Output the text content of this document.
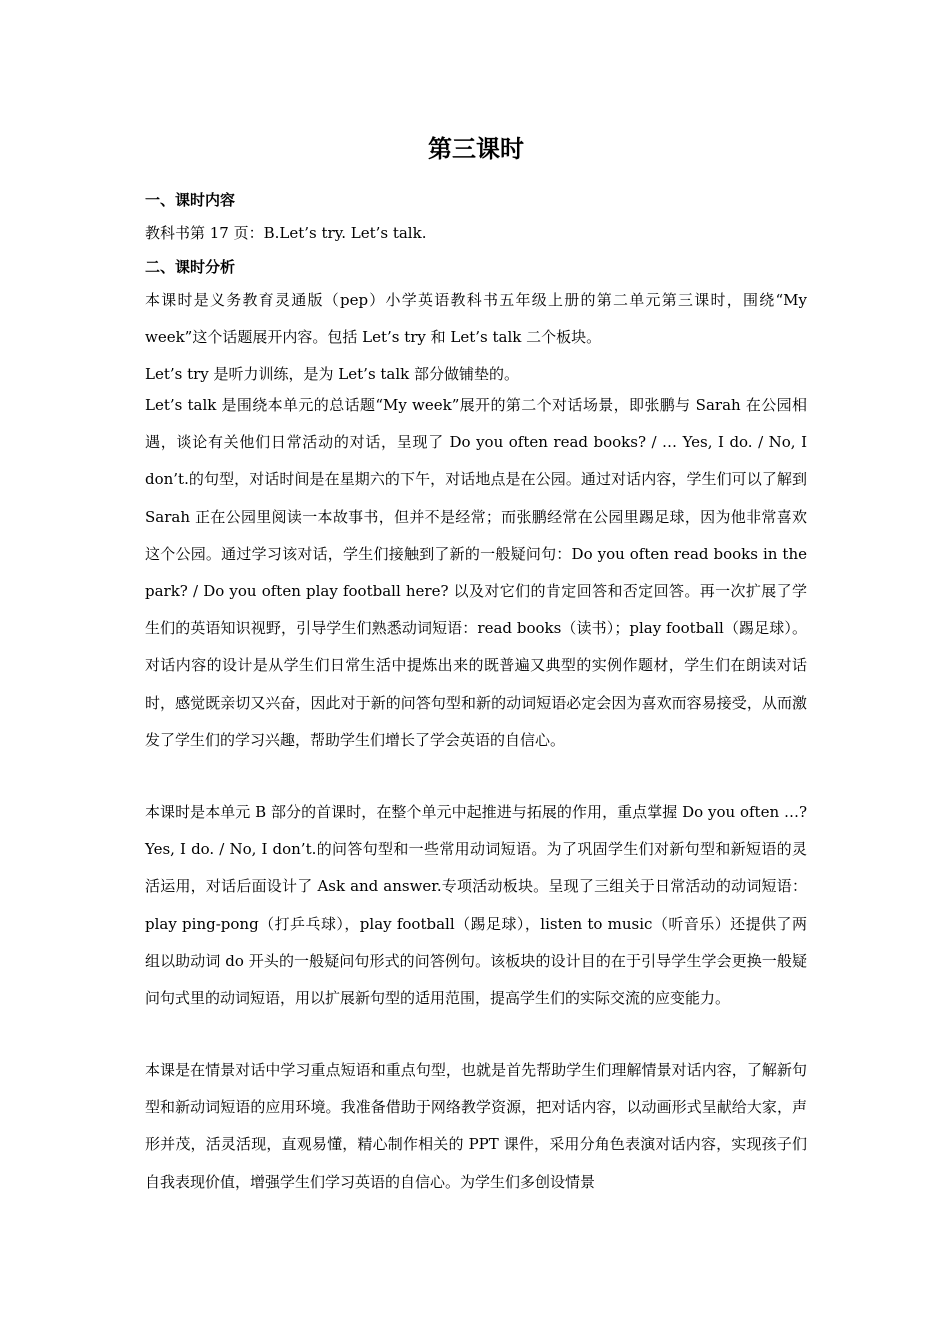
第三课时
一、课时内容

教科书第 17 页：B.Let’s try. Let’s talk.

二、课时分析

本课时是义务教育灵通版（pep）小学英语教科书五年级上册的第二单元第三课时，围绕“My week”这个话题展开内容。包括 Let’s try 和 Let’s talk 二个板块。

Let’s try 是听力训练，是为 Let’s talk 部分做铺垫的。

Let’s talk 是围绕本单元的总话题“My week”展开的第二个对话场景，即张鹏与 Sarah 在公园相遇，谈论有关他们日常活动的对话，呈现了 Do you often read books? / … Yes, I do. / No, I don’t.的句型，对话时间是在星期六的下午，对话地点是在公园。通过对话内容，学生们可以了解到 Sarah 正在公园里阅读一本故事书，但并不是经常；而张鹏经常在公园里踢足球，因为他非常喜欢这个公园。通过学习该对话，学生们接触到了新的一般疑问句：Do you often read books in the park? / Do you often play football here? 以及对它们的肯定回答和否定回答。再一次扩展了学生们的英语知识视野，引导学生们熟悉动词短语：read books（读书）；play football（踢足球）。对话内容的设计是从学生们日常生活中提炼出来的既普遍又典型的实例作题材，学生们在朗读对话时，感觉既亲切又兴奋，因此对于新的问答句型和新的动词短语必定会因为喜欢而容易接受，从而激发了学生们的学习兴趣，帮助学生们增长了学会英语的自信心。

本课时是本单元 B 部分的首课时，在整个单元中起推进与拓展的作用，重点掌握 Do you often …? Yes, I do. / No, I don’t.的问答句型和一些常用动词短语。为了巩固学生们对新句型和新短语的灵活运用，对话后面设计了 Ask and answer.专项活动板块。呈现了三组关于日常活动的动词短语：play ping-pong（打乒乓球），play football（踢足球），listen to music（听音乐）还提供了两组以助动词 do 开头的一般疑问句形式的问答例句。该板块的设计目的在于引导学生学会更换一般疑问句式里的动词短语，用以扩展新句型的适用范围，提高学生们的实际交流的应变能力。

本课是在情景对话中学习重点短语和重点句型，也就是首先帮助学生们理解情景对话内容，了解新句型和新动词短语的应用环境。我准备借助于网络教学资源，把对话内容，以动画形式呈献给大家，声形并茂，活灵活现，直观易懂，精心制作相关的 PPT 课件，采用分角色表演对话内容，实现孩子们自我表现价值，增强学生们学习英语的自信心。为学生们多创设情景
